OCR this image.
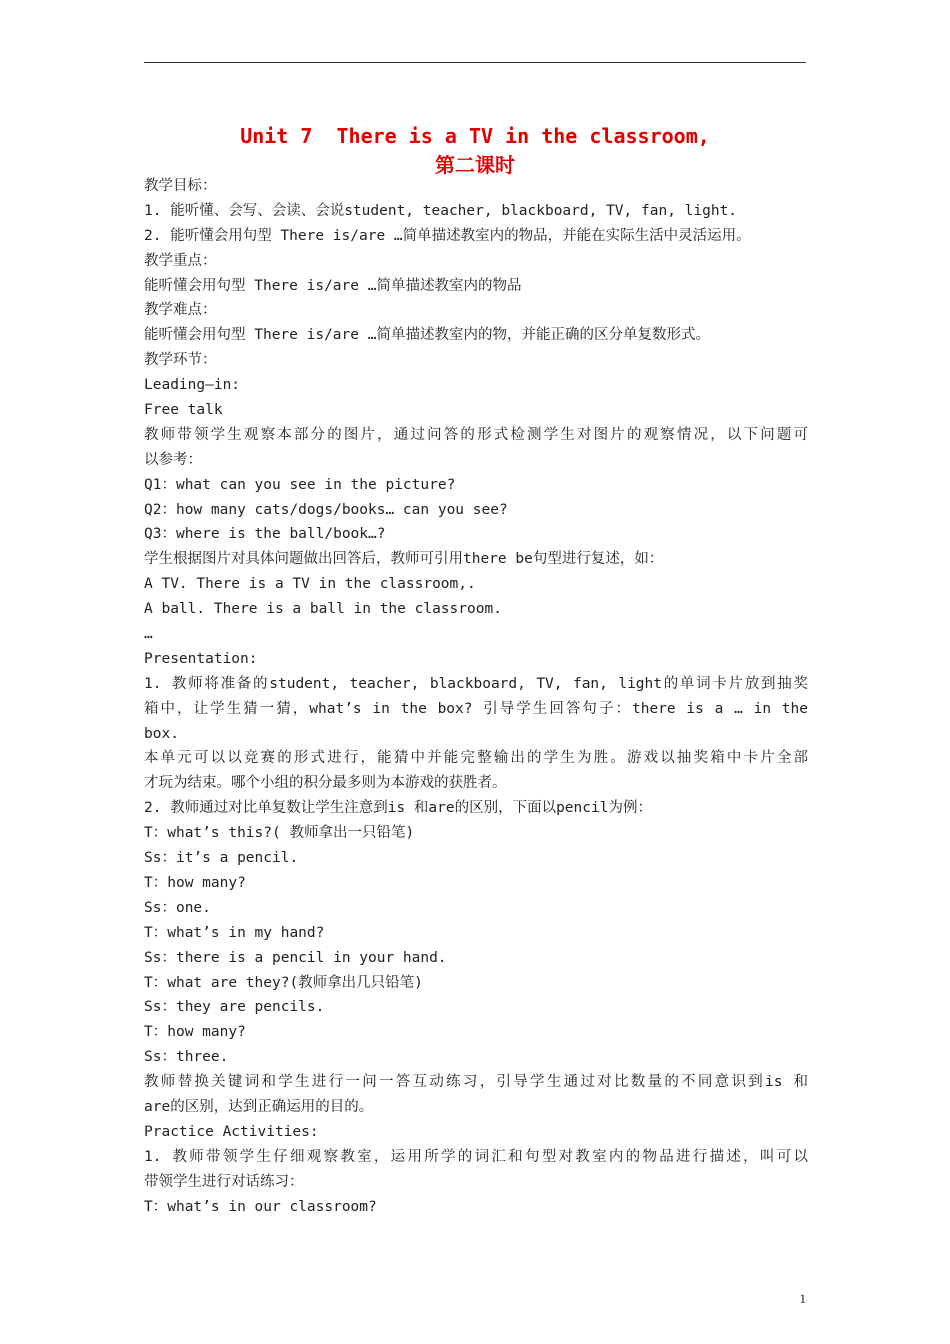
Unit 7  There is a TV in the classroom,
第二课时
教学目标：
1. 能听懂、会写、会读、会说student, teacher, blackboard, TV, fan, light.
2. 能听懂会用句型 There is/are …简单描述教室内的物品，并能在实际生活中灵活运用。
教学重点：
能听懂会用句型 There is/are …简单描述教室内的物品
教学难点：
能听懂会用句型 There is/are …简单描述教室内的物，并能正确的区分单复数形式。
教学环节：
Leading—in:
Free talk
教师带领学生观察本部分的图片，通过问答的形式检测学生对图片的观察情况，以下问题可
以参考：
Q1：what can you see in the picture?
Q2：how many cats/dogs/books… can you see?
Q3：where is the ball/book…?
学生根据图片对具体问题做出回答后，教师可引用there be句型进行复述，如：
A TV. There is a TV in the classroom,.
A ball. There is a ball in the classroom.
…
Presentation:
1. 教师将准备的student, teacher, blackboard, TV, fan, light的单词卡片放到抽奖
箱中，让学生猜一猜，what’s in the box? 引导学生回答句子：there is a … in the
box.
本单元可以以竞赛的形式进行，能猜中并能完整输出的学生为胜。游戏以抽奖箱中卡片全部
才玩为结束。哪个小组的积分最多则为本游戏的获胜者。
2. 教师通过对比单复数让学生注意到is 和are的区别，下面以pencil为例：
T：what’s this?( 教师拿出一只铅笔)
Ss：it’s a pencil.
T：how many?
Ss：one.
T：what’s in my hand?
Ss：there is a pencil in your hand.
T：what are they?(教师拿出几只铅笔)
Ss：they are pencils.
T：how many?
Ss：three.
教师替换关键词和学生进行一问一答互动练习，引导学生通过对比数量的不同意识到is 和
are的区别，达到正确运用的目的。
Practice Activities:
1. 教师带领学生仔细观察教室，运用所学的词汇和句型对教室内的物品进行描述，叫可以
带领学生进行对话练习：
T：what’s in our classroom?
1
